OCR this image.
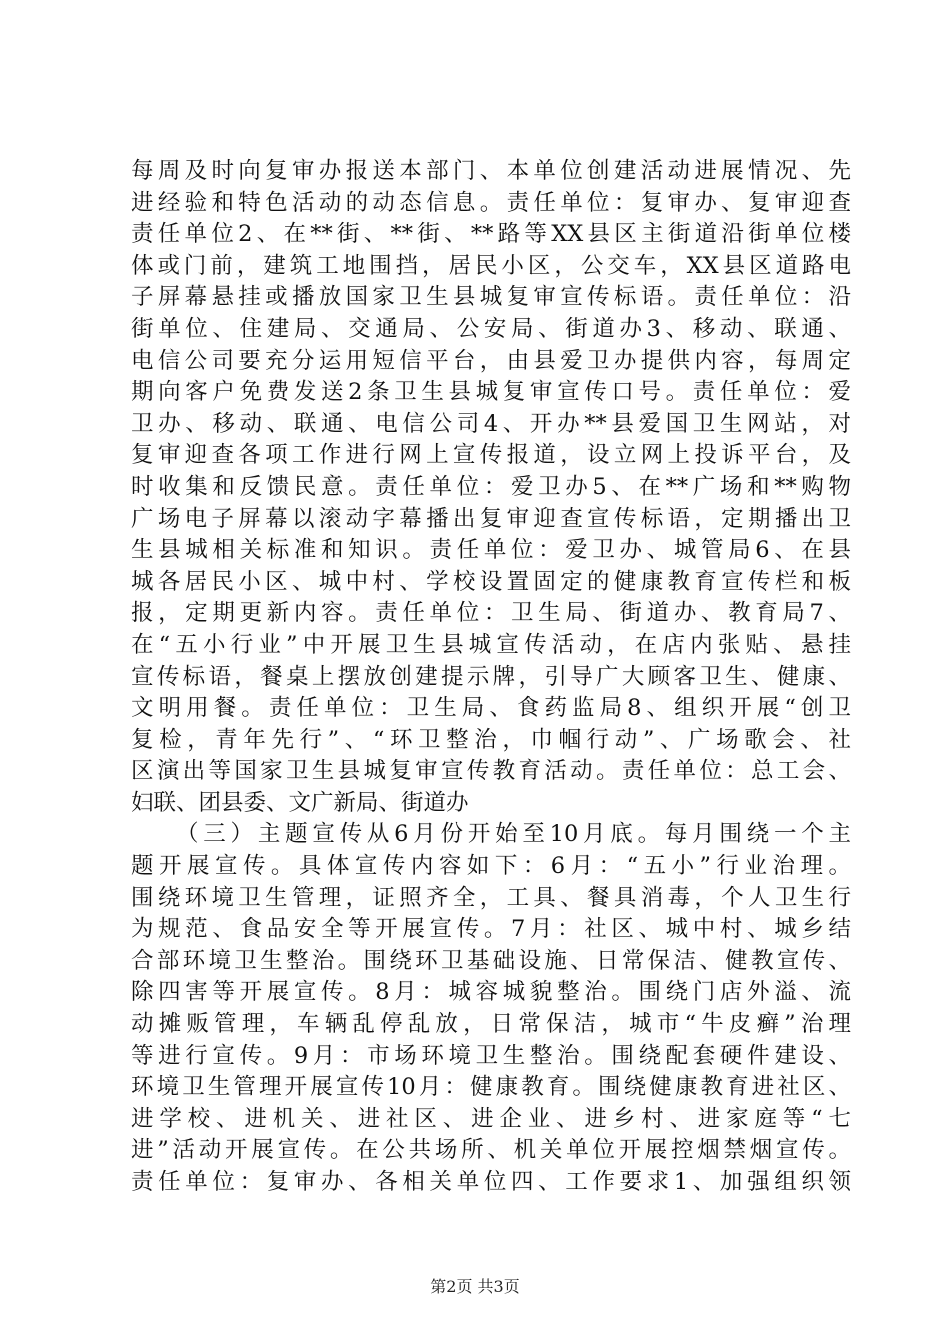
每周及时向复审办报送本部门、本单位创建活动进展情况、先
进经验和特色活动的动态信息。责任单位：复审办、复审迎查
责任单位2、在**街、**街、**路等XX县区主街道沿街单位楼
体或门前，建筑工地围挡，居民小区，公交车，XX县区道路电
子屏幕悬挂或播放国家卫生县城复审宣传标语。责任单位：沿
街单位、住建局、交通局、公安局、街道办3、移动、联通、
电信公司要充分运用短信平台，由县爱卫办提供内容，每周定
期向客户免费发送2条卫生县城复审宣传口号。责任单位：爱
卫办、移动、联通、电信公司4、开办**县爱国卫生网站，对
复审迎查各项工作进行网上宣传报道，设立网上投诉平台，及
时收集和反馈民意。责任单位：爱卫办5、在**广场和**购物
广场电子屏幕以滚动字幕播出复审迎查宣传标语，定期播出卫
生县城相关标准和知识。责任单位：爱卫办、城管局6、在县
城各居民小区、城中村、学校设置固定的健康教育宣传栏和板
报，定期更新内容。责任单位：卫生局、街道办、教育局7、
在“五小行业”中开展卫生县城宣传活动，在店内张贴、悬挂
宣传标语，餐桌上摆放创建提示牌，引导广大顾客卫生、健康、
文明用餐。责任单位：卫生局、食药监局8、组织开展“创卫
复检，青年先行”、“环卫整治，巾帼行动”、广场歌会、社
区演出等国家卫生县城复审宣传教育活动。责任单位：总工会、
妇联、团县委、文广新局、街道办
（三）主题宣传从6月份开始至10月底。每月围绕一个主
题开展宣传。具体宣传内容如下：6月：“五小”行业治理。
围绕环境卫生管理，证照齐全，工具、餐具消毒，个人卫生行
为规范、食品安全等开展宣传。7月：社区、城中村、城乡结
合部环境卫生整治。围绕环卫基础设施、日常保洁、健教宣传、
除四害等开展宣传。8月：城容城貌整治。围绕门店外溢、流
动摊贩管理，车辆乱停乱放，日常保洁，城市“牛皮癣”治理
等进行宣传。9月：市场环境卫生整治。围绕配套硬件建设、
环境卫生管理开展宣传10月：健康教育。围绕健康教育进社区、
进学校、进机关、进社区、进企业、进乡村、进家庭等“七
进”活动开展宣传。在公共场所、机关单位开展控烟禁烟宣传。
责任单位：复审办、各相关单位四、工作要求1、加强组织领
第2页 共3页
